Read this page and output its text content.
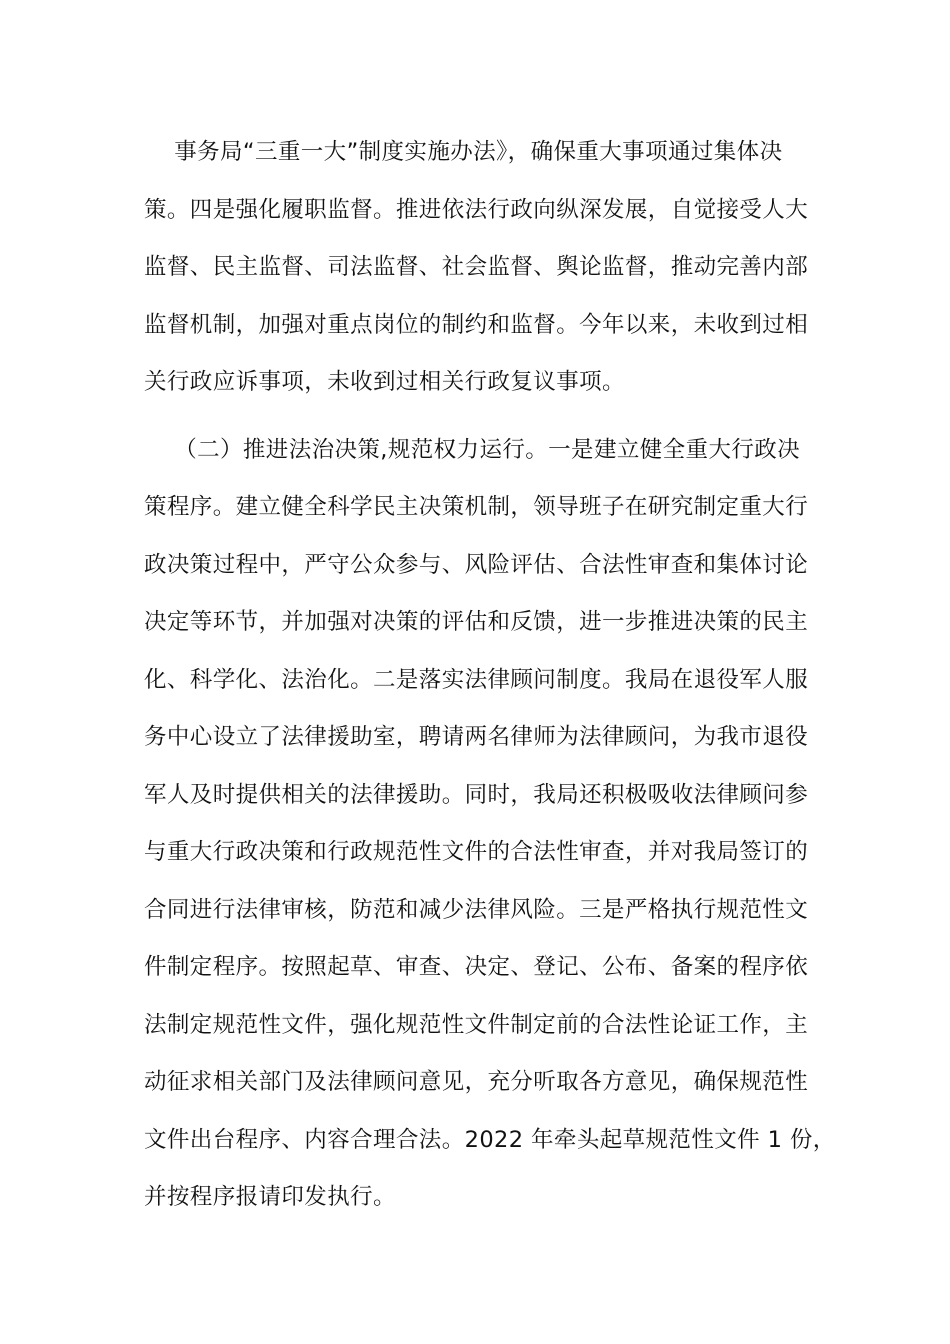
事务局“三重一大”制度实施办法》，确保重大事项通过集体决
策。四是强化履职监督。推进依法行政向纵深发展，自觉接受人大
监督、民主监督、司法监督、社会监督、舆论监督，推动完善内部
监督机制，加强对重点岗位的制约和监督。今年以来，未收到过相
关行政应诉事项，未收到过相关行政复议事项。

（二）推进法治决策,规范权力运行。一是建立健全重大行政决
策程序。建立健全科学民主决策机制，领导班子在研究制定重大行
政决策过程中，严守公众参与、风险评估、合法性审查和集体讨论
决定等环节，并加强对决策的评估和反馈，进一步推进决策的民主
化、科学化、法治化。二是落实法律顾问制度。我局在退役军人服
务中心设立了法律援助室，聘请两名律师为法律顾问，为我市退役
军人及时提供相关的法律援助。同时，我局还积极吸收法律顾问参
与重大行政决策和行政规范性文件的合法性审查，并对我局签订的
合同进行法律审核，防范和减少法律风险。三是严格执行规范性文
件制定程序。按照起草、审查、决定、登记、公布、备案的程序依
法制定规范性文件，强化规范性文件制定前的合法性论证工作，主
动征求相关部门及法律顾问意见，充分听取各方意见，确保规范性
文件出台程序、内容合理合法。2022 年牵头起草规范性文件 1 份，
并按程序报请印发执行。
